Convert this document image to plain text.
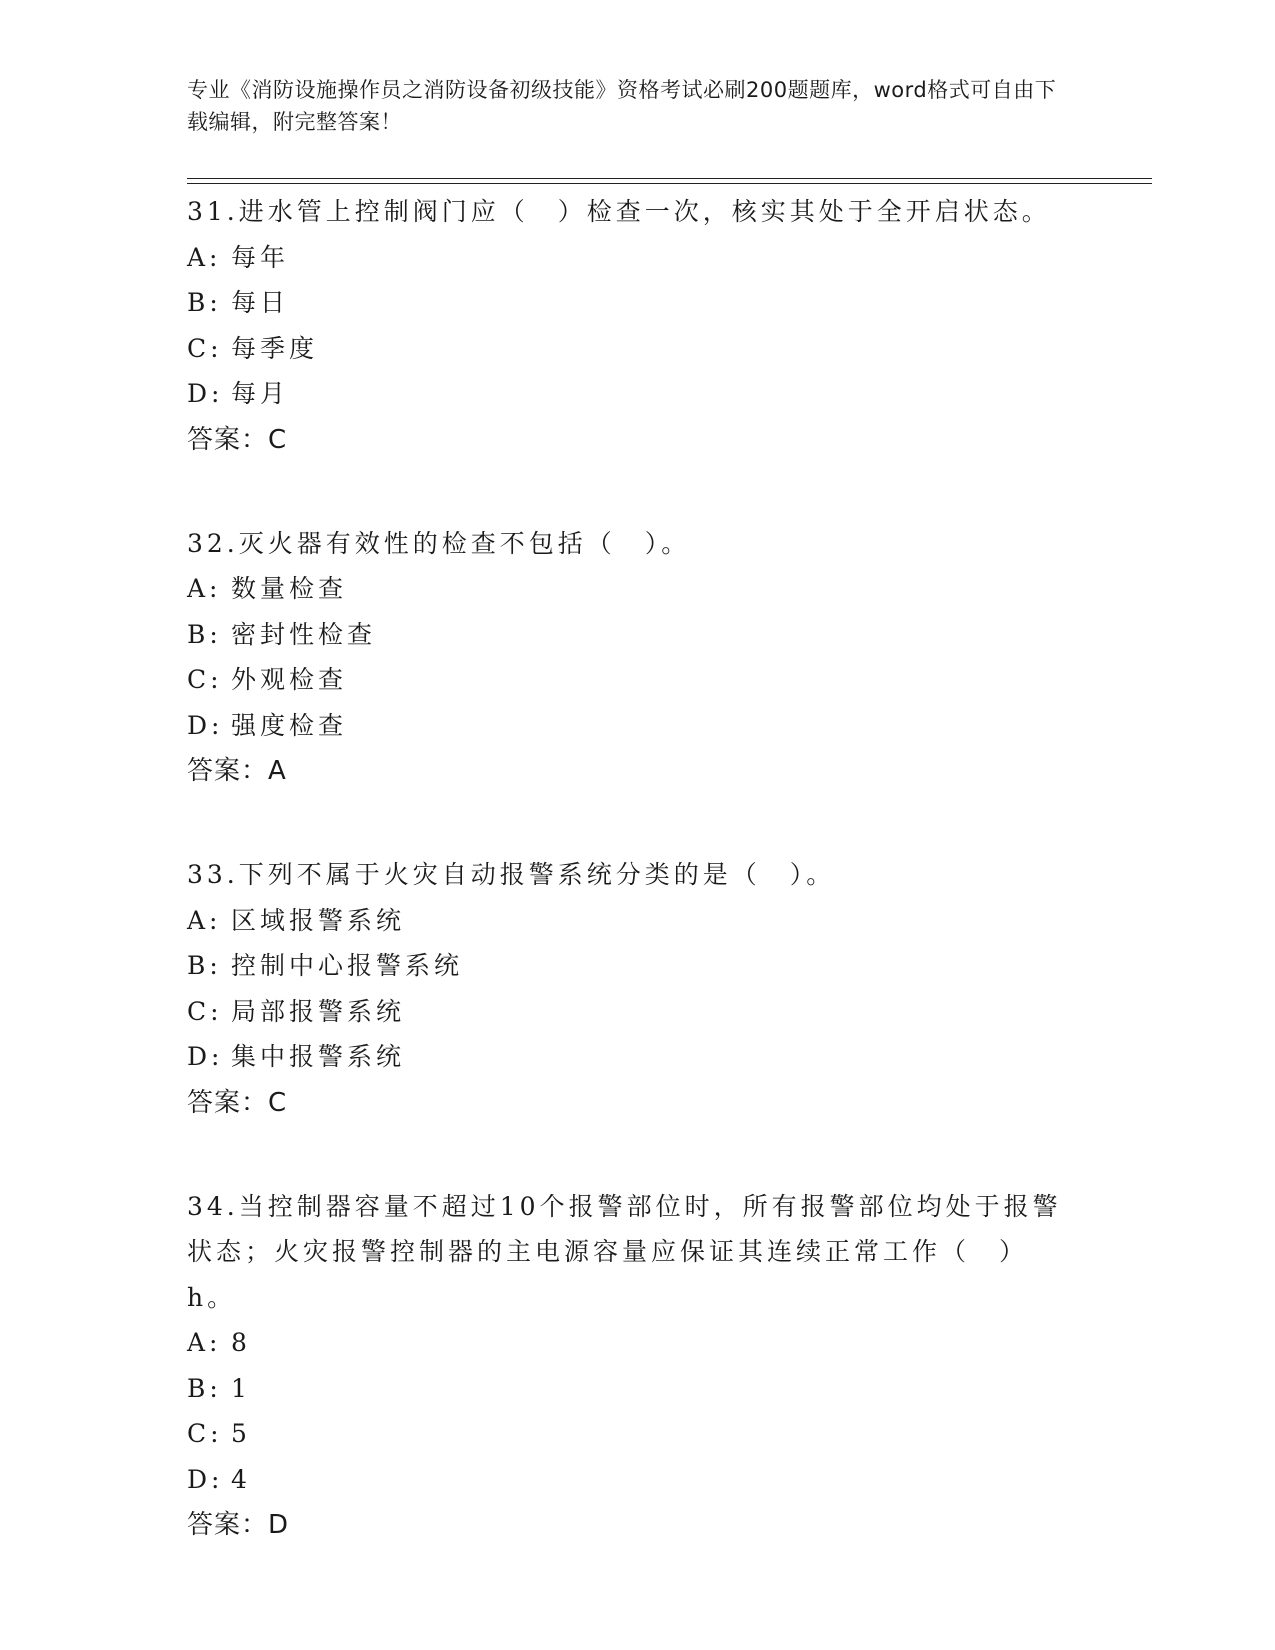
专业《消防设施操作员之消防设备初级技能》资格考试必刷200题题库，word格式可自由下载编辑，附完整答案！
31.进水管上控制阀门应（　）检查一次，核实其处于全开启状态。
A: 每年
B: 每日
C: 每季度
D: 每月
答案：C
32.灭火器有效性的检查不包括（　）。
A: 数量检查
B: 密封性检查
C: 外观检查
D: 强度检查
答案：A
33.下列不属于火灾自动报警系统分类的是（　）。
A: 区域报警系统
B: 控制中心报警系统
C: 局部报警系统
D: 集中报警系统
答案：C
34.当控制器容量不超过10个报警部位时，所有报警部位均处于报警状态；火灾报警控制器的主电源容量应保证其连续正常工作（　）h。
A: 8
B: 1
C: 5
D: 4
答案：D
